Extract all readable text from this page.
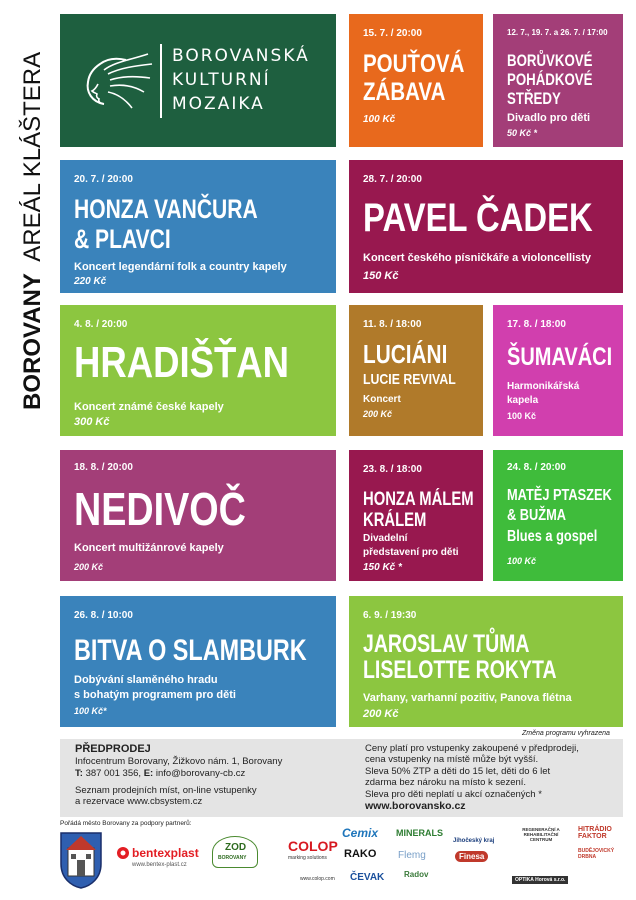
BOROVANY AREÁL KLÁŠTERA	BOROVANSKÁ
KULTURNÍ
MOZAIKA
15. 7. / 20:00
POUŤOVÁ
ZÁBAVA
100 Kč
12. 7., 19. 7. a 26. 7. / 17:00
BORŮVKOVÉ
POHÁDKOVÉ
STŘEDY
Divadlo pro děti
50 Kč *
20. 7. / 20:00
HONZA VANČURA
& PLAVCI
Koncert legendární folk a country kapely
220 Kč
28. 7. / 20:00
PAVEL ČADEK
Koncert českého písničkáře a violoncellisty
150 Kč
4. 8. / 20:00
HRADIŠŤAN
Koncert známé české kapely
300 Kč
11. 8. / 18:00
LUCIÁNI
LUCIE REVIVAL
Koncert
200 Kč
17. 8. / 18:00
ŠUMAVÁCI
Harmonikářská
kapela
100 Kč
18. 8. / 20:00
NEDIVOČ
Koncert multižánrové kapely
200 Kč
23. 8. / 18:00
HONZA MÁLEM
KRÁLEM
Divadelní
představení pro děti
150 Kč *
24. 8. / 20:00
MATĚJ PTASZEK
& BUŽMA
Blues a gospel
100 Kč
26. 8. / 10:00
BITVA O SLAMBURK
Dobývání slaměného hradu
s bohatým programem pro děti
100 Kč*
6. 9. / 19:30
JAROSLAV TŮMA
LISELOTTE ROKYTA
Varhany, varhanní pozitiv, Panova flétna
200 Kč
Změna programu vyhrazena
PŘEDPRODEJ
Infocentrum Borovany, Žižkovo nám. 1, Borovany
T: 387 001 356, E: info@borovany-cb.cz
Seznam prodejních míst, on-line vstupenky
a rezervace www.cbsystem.cz
Ceny platí pro vstupenky zakoupené v předprodeji,
cena vstupenky na místě může být vyšší.
Sleva 50% ZTP a děti do 15 let, děti do 6 let
zdarma bez nároku na místo k sezení.
Sleva pro děti neplatí u akcí označených *
www.borovansko.cz
Pořádá město Borovany za podpory partnerů:
bentexplast
www.bentex-plast.cz
ZOD
BOROVANY
COLOP
marking solutions
www.colop.com
Cemix
RAKO
ČEVAK
MINERALS
Flemg
Radov
Jihočeský kraj
Finesa
REGENERAČNÍ A REHABILITAČNÍ CENTRUM
OPTIKA Horová s.r.o.
HITRÁDIO FAKTOR
BUDĚJOVICKÝ DRBNA
